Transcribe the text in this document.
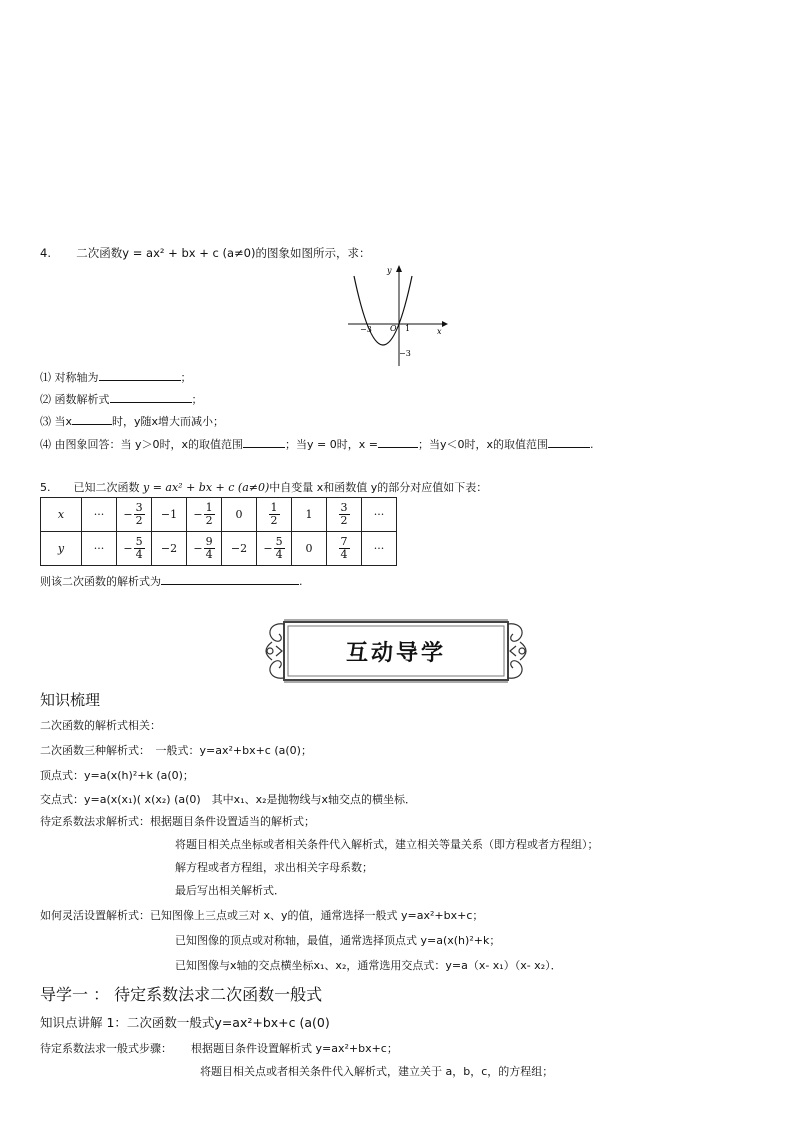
4. 二次函数y = ax² + bx + c (a≠0)的图象如图所示，求：
y
x
O
−3	1
−3
⑴ 对称轴为	；
⑵ 函数解析式	；
⑶ 当x	时，y随x增大而减小；
⑷ 由图象回答：当 y＞0时，x的取值范围	；当y = 0时，x =	；当y＜0时，x的取值范围	.
5. 已知二次函数 y = ax² + bx + c (a≠0)中自变量 x和函数值 y的部分对应值如下表：
x	···	− $\frac{3}{2}$	−1	− $\frac{1}{2}$	0	$\frac{1}{2}$	1	$\frac{3}{2}$	···
y	···	− $\frac{5}{4}$	−2	− $\frac{9}{4}$	−2	− $\frac{5}{4}$	0	$\frac{7}{4}$	···
则该二次函数的解析式为	.
互动导学
知识梳理
二次函数的解析式相关：
二次函数三种解析式：　一般式：y=ax²+bx+c (a(0)；
顶点式：y=a(x(h)²+k (a(0)；
交点式：y=a(x(x₁)( x(x₂) (a(0)　其中x₁、x₂是抛物线与x轴交点的横坐标．
待定系数法求解析式：根据题目条件设置适当的解析式；
将题目相关点坐标或者相关条件代入解析式，建立相关等量关系（即方程或者方程组）；
解方程或者方程组，求出相关字母系数；
最后写出相关解析式．
如何灵活设置解析式：已知图像上三点或三对 x、y的值，通常选择一般式 y=ax²+bx+c；
已知图像的顶点或对称轴，最值，通常选择顶点式 y=a(x(h)²+k；
已知图像与x轴的交点横坐标x₁、x₂，通常选用交点式：y=a（x- x₁）（x- x₂）．
导学一 ： 待定系数法求二次函数一般式
知识点讲解 1：二次函数一般式y=ax²+bx+c (a(0)
待定系数法求一般式步骤： 根据题目条件设置解析式 y=ax²+bx+c；
将题目相关点或者相关条件代入解析式，建立关于 a，b，c，的方程组；
